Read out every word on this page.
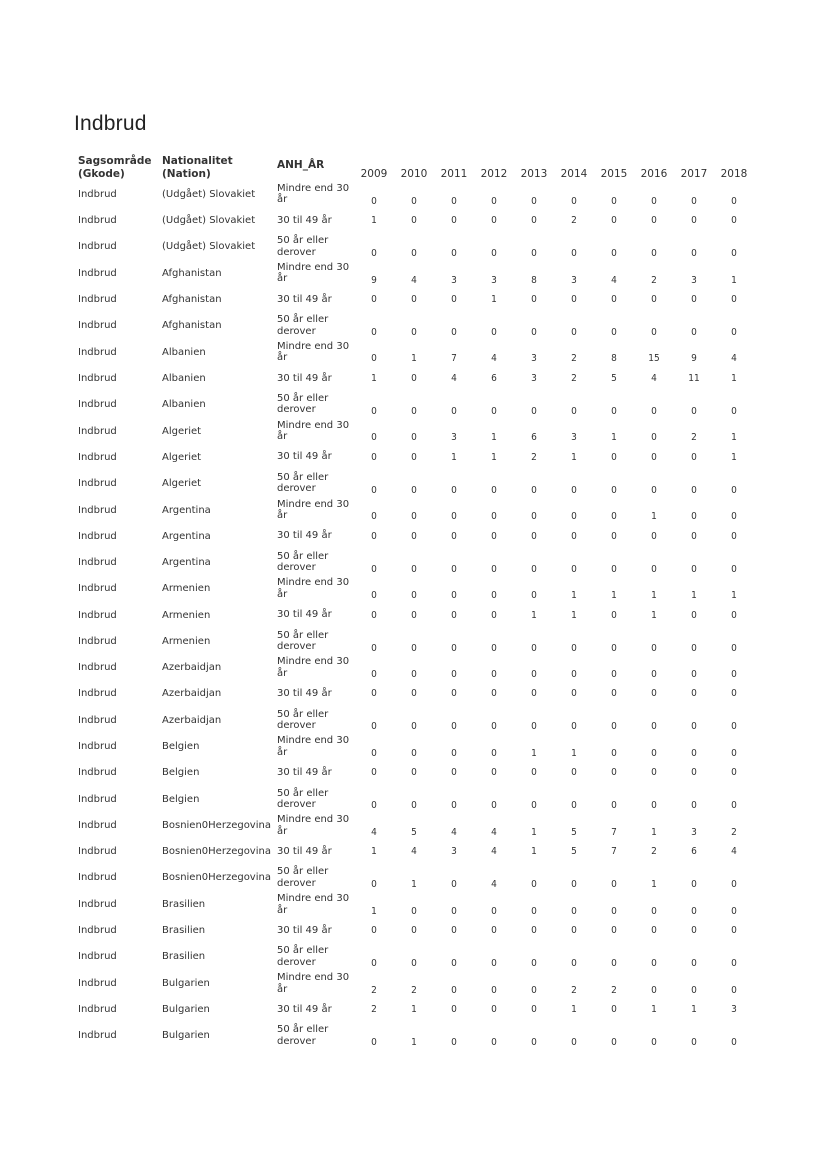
Indbrud
Sagsområde (Gkode)	Nationalitet (Nation)	ANH_ÅR	2009	2010	2011	2012	2013	2014	2015	2016	2017	2018
Indbrud	(Udgået) Slovakiet	Mindre end 30 år	0	0	0	0	0	0	0	0	0	0
Indbrud	(Udgået) Slovakiet	30 til 49 år	1	0	0	0	0	2	0	0	0	0
Indbrud	(Udgået) Slovakiet	50 år eller derover	0	0	0	0	0	0	0	0	0	0
Indbrud	Afghanistan	Mindre end 30 år	9	4	3	3	8	3	4	2	3	1
Indbrud	Afghanistan	30 til 49 år	0	0	0	1	0	0	0	0	0	0
Indbrud	Afghanistan	50 år eller derover	0	0	0	0	0	0	0	0	0	0
Indbrud	Albanien	Mindre end 30 år	0	1	7	4	3	2	8	15	9	4
Indbrud	Albanien	30 til 49 år	1	0	4	6	3	2	5	4	11	1
Indbrud	Albanien	50 år eller derover	0	0	0	0	0	0	0	0	0	0
Indbrud	Algeriet	Mindre end 30 år	0	0	3	1	6	3	1	0	2	1
Indbrud	Algeriet	30 til 49 år	0	0	1	1	2	1	0	0	0	1
Indbrud	Algeriet	50 år eller derover	0	0	0	0	0	0	0	0	0	0
Indbrud	Argentina	Mindre end 30 år	0	0	0	0	0	0	0	1	0	0
Indbrud	Argentina	30 til 49 år	0	0	0	0	0	0	0	0	0	0
Indbrud	Argentina	50 år eller derover	0	0	0	0	0	0	0	0	0	0
Indbrud	Armenien	Mindre end 30 år	0	0	0	0	0	1	1	1	1	1
Indbrud	Armenien	30 til 49 år	0	0	0	0	1	1	0	1	0	0
Indbrud	Armenien	50 år eller derover	0	0	0	0	0	0	0	0	0	0
Indbrud	Azerbaidjan	Mindre end 30 år	0	0	0	0	0	0	0	0	0	0
Indbrud	Azerbaidjan	30 til 49 år	0	0	0	0	0	0	0	0	0	0
Indbrud	Azerbaidjan	50 år eller derover	0	0	0	0	0	0	0	0	0	0
Indbrud	Belgien	Mindre end 30 år	0	0	0	0	1	1	0	0	0	0
Indbrud	Belgien	30 til 49 år	0	0	0	0	0	0	0	0	0	0
Indbrud	Belgien	50 år eller derover	0	0	0	0	0	0	0	0	0	0
Indbrud	Bosnien0Herzegovina	Mindre end 30 år	4	5	4	4	1	5	7	1	3	2
Indbrud	Bosnien0Herzegovina	30 til 49 år	1	4	3	4	1	5	7	2	6	4
Indbrud	Bosnien0Herzegovina	50 år eller derover	0	1	0	4	0	0	0	1	0	0
Indbrud	Brasilien	Mindre end 30 år	1	0	0	0	0	0	0	0	0	0
Indbrud	Brasilien	30 til 49 år	0	0	0	0	0	0	0	0	0	0
Indbrud	Brasilien	50 år eller derover	0	0	0	0	0	0	0	0	0	0
Indbrud	Bulgarien	Mindre end 30 år	2	2	0	0	0	2	2	0	0	0
Indbrud	Bulgarien	30 til 49 år	2	1	0	0	0	1	0	1	1	3
Indbrud	Bulgarien	50 år eller derover	0	1	0	0	0	0	0	0	0	0
